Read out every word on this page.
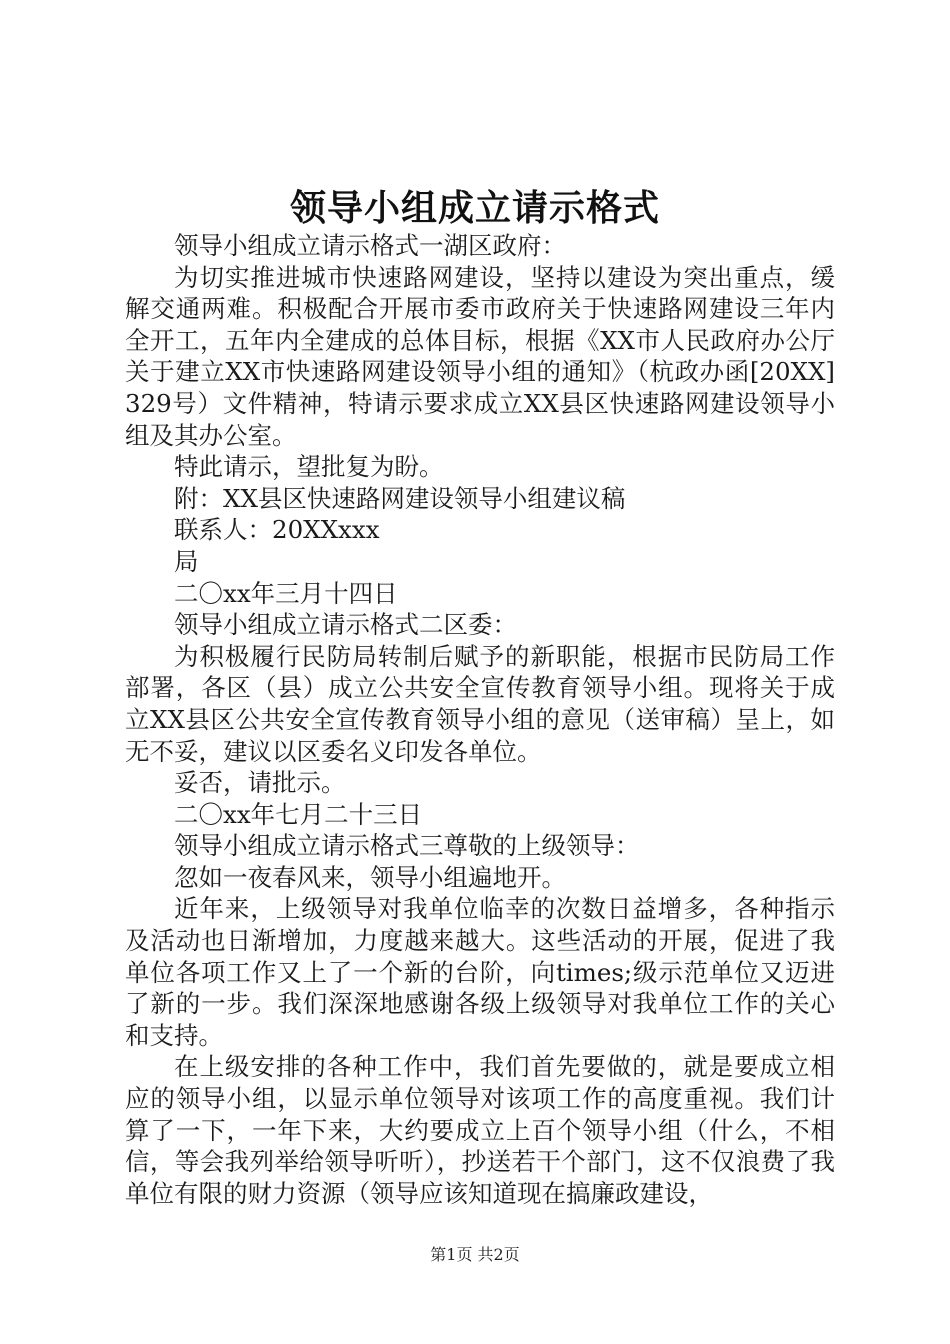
领导小组成立请示格式

领导小组成立请示格式一湖区政府：

为切实推进城市快速路网建设，坚持以建设为突出重点，缓解交通两难。积极配合开展市委市政府关于快速路网建设三年内全开工，五年内全建成的总体目标，根据《XX市人民政府办公厅关于建立XX市快速路网建设领导小组的通知》（杭政办函[20XX]329号）文件精神，特请示要求成立XX县区快速路网建设领导小组及其办公室。

特此请示，望批复为盼。

附：XX县区快速路网建设领导小组建议稿

联系人：20XXxxx

局

二〇xx年三月十四日

领导小组成立请示格式二区委：

为积极履行民防局转制后赋予的新职能，根据市民防局工作部署，各区（县）成立公共安全宣传教育领导小组。现将关于成立XX县区公共安全宣传教育领导小组的意见（送审稿）呈上，如无不妥，建议以区委名义印发各单位。

妥否，请批示。

二〇xx年七月二十三日

领导小组成立请示格式三尊敬的上级领导：

忽如一夜春风来，领导小组遍地开。

近年来，上级领导对我单位临幸的次数日益增多，各种指示及活动也日渐增加，力度越来越大。这些活动的开展，促进了我单位各项工作又上了一个新的台阶，向times;级示范单位又迈进了新的一步。我们深深地感谢各级上级领导对我单位工作的关心和支持。

在上级安排的各种工作中，我们首先要做的，就是要成立相应的领导小组，以显示单位领导对该项工作的高度重视。我们计算了一下，一年下来，大约要成立上百个领导小组（什么，不相信，等会我列举给领导听听），抄送若干个部门，这不仅浪费了我单位有限的财力资源（领导应该知道现在搞廉政建设，

第1页 共2页
